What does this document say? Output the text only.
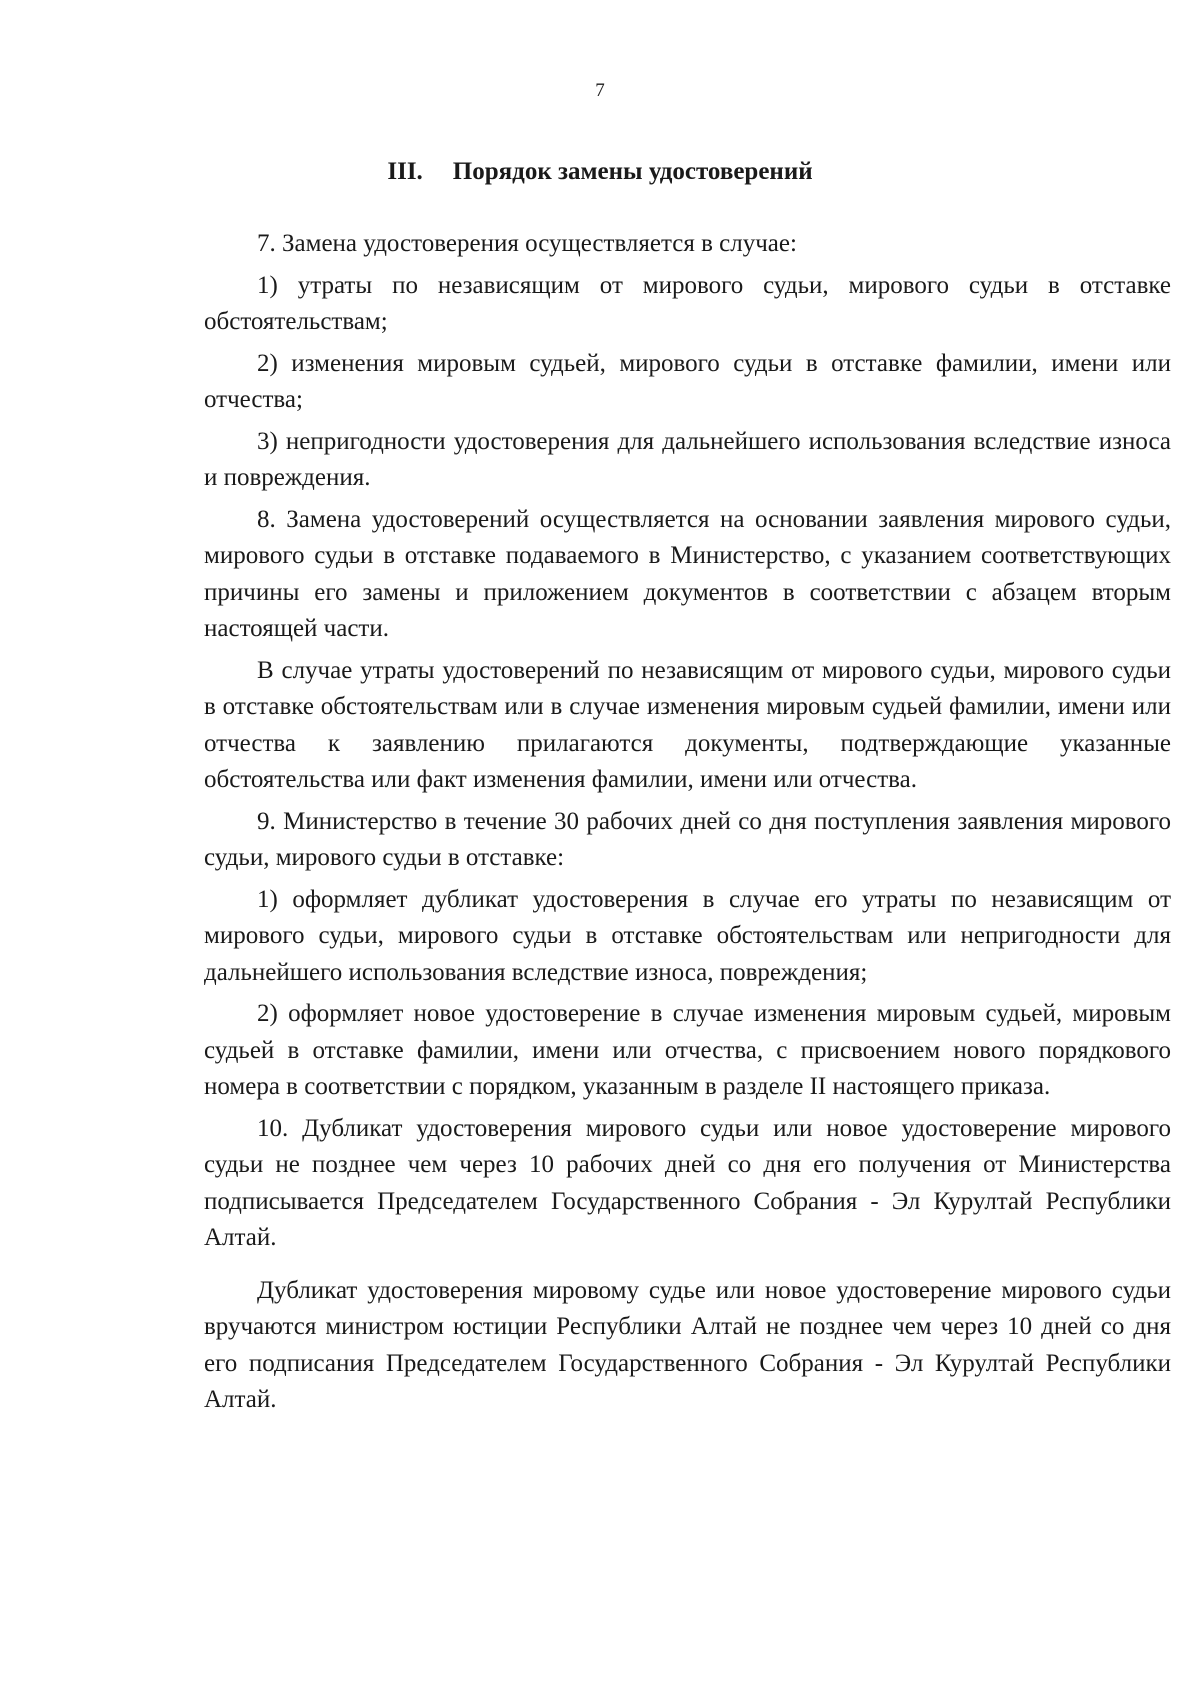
7
III. Порядок замены удостоверений

7. Замена удостоверения осуществляется в случае:

1) утраты по независящим от мирового судьи, мирового судьи в отставке обстоятельствам;

2) изменения мировым судьей, мирового судьи в отставке фамилии, имени или отчества;

3) непригодности удостоверения для дальнейшего использования вследствие износа и повреждения.

8. Замена удостоверений осуществляется на основании заявления мирового судьи, мирового судьи в отставке подаваемого в Министерство, с указанием соответствующих причины его замены и приложением документов в соответствии с абзацем вторым настоящей части.

В случае утраты удостоверений по независящим от мирового судьи, мирового судьи в отставке обстоятельствам или в случае изменения мировым судьей фамилии, имени или отчества к заявлению прилагаются документы, подтверждающие указанные обстоятельства или факт изменения фамилии, имени или отчества.

9. Министерство в течение 30 рабочих дней со дня поступления заявления мирового судьи, мирового судьи в отставке:

1) оформляет дубликат удостоверения в случае его утраты по независящим от мирового судьи, мирового судьи в отставке обстоятельствам или непригодности для дальнейшего использования вследствие износа, повреждения;

2) оформляет новое удостоверение в случае изменения мировым судьей, мировым судьей в отставке фамилии, имени или отчества, с присвоением нового порядкового номера в соответствии с порядком, указанным в разделе II настоящего приказа.

10. Дубликат удостоверения мирового судьи или новое удостоверение мирового судьи не позднее чем через 10 рабочих дней со дня его получения от Министерства подписывается Председателем Государственного Собрания - Эл Курултай Республики Алтай.

Дубликат удостоверения мировому судье или новое удостоверение мирового судьи вручаются министром юстиции Республики Алтай не позднее чем через 10 дней со дня его подписания Председателем Государственного Собрания - Эл Курултай Республики Алтай.
